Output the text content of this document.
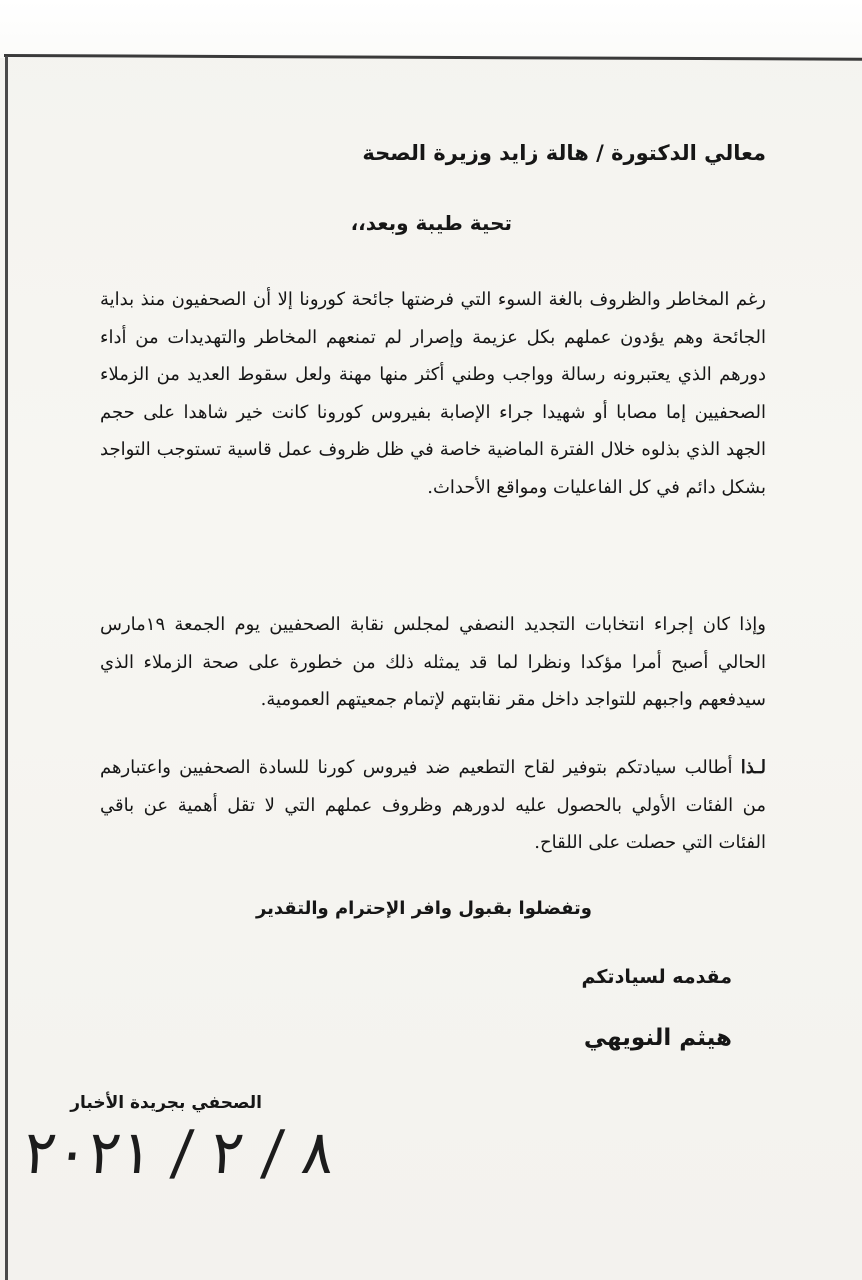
معالي الدكتورة / هالة زايد وزيرة الصحة

تحية طيبة وبعد،،

رغم المخاطر والظروف بالغة السوء التي فرضتها جائحة كورونا إلا أن الصحفيون منذ بداية الجائحة وهم يؤدون عملهم بكل عزيمة وإصرار لم تمنعهم المخاطر والتهديدات من أداء دورهم الذي يعتبرونه رسالة وواجب وطني أكثر منها مهنة ولعل سقوط العديد من الزملاء الصحفيين إما مصابا أو شهيدا جراء الإصابة بفيروس كورونا كانت خير شاهدا على حجم الجهد الذي بذلوه خلال الفترة الماضية خاصة في ظل ظروف عمل قاسية تستوجب التواجد بشكل دائم في كل الفاعليات ومواقع الأحداث.

وإذا كان إجراء انتخابات التجديد النصفي لمجلس نقابة الصحفيين يوم الجمعة ١٩مارس الحالي أصبح أمرا مؤكدا ونظرا لما قد يمثله ذلك من خطورة على صحة الزملاء الذي سيدفعهم واجبهم للتواجد داخل مقر نقابتهم لإتمام جمعيتهم العمومية.

لـذا أطالب سيادتكم بتوفير لقاح التطعيم ضد فيروس كورنا للسادة الصحفيين واعتبارهم من الفئات الأولي بالحصول عليه لدورهم وظروف عملهم التي لا تقل أهمية عن باقي الفئات التي حصلت على اللقاح.

وتفضلوا بقبول وافر الإحترام والتقدير

مقدمه لسيادتكم

هيثم النويهي

الصحفي بجريدة الأخبار

٨ / ٢ / ٢٠٢١
